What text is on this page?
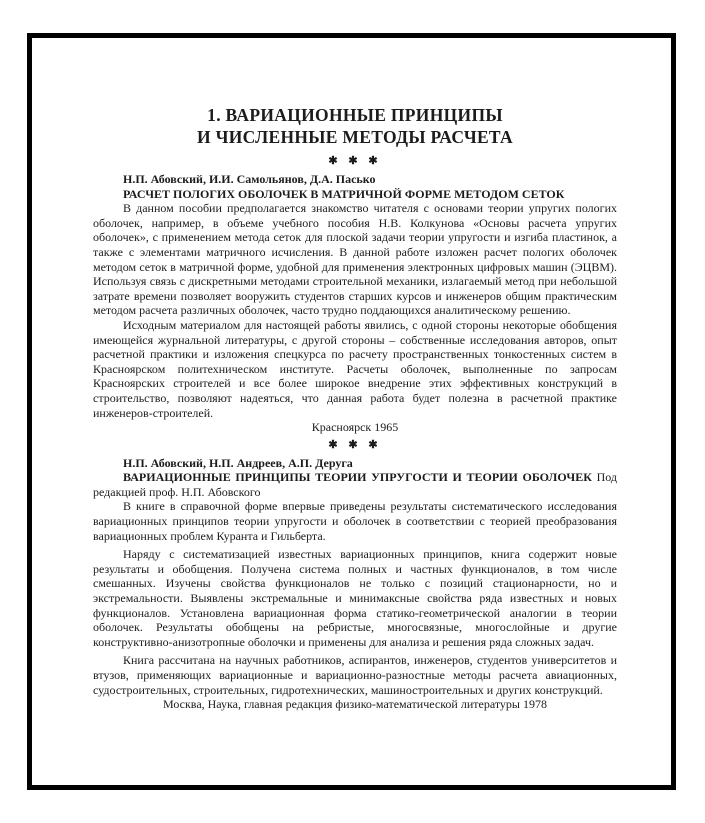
1. ВАРИАЦИОННЫЕ ПРИНЦИПЫ
И ЧИСЛЕННЫЕ МЕТОДЫ РАСЧЕТА
✱ ✱ ✱
Н.П. Абовский, И.И. Самольянов, Д.А. Пасько

РАСЧЕТ ПОЛОГИХ ОБОЛОЧЕК В МАТРИЧНОЙ ФОРМЕ МЕТОДОМ СЕТОК

В данном пособии предполагается знакомство читателя с основами теории упругих пологих оболочек, например, в объеме учебного пособия Н.В. Колкунова «Основы расчета упругих оболочек», с применением метода сеток для плоской задачи теории упругости и изгиба пластинок, а также с элементами матричного исчисления. В данной работе изложен расчет пологих оболочек методом сеток в матричной форме, удобной для применения электронных цифровых машин (ЭЦВМ). Используя связь с дискретными методами строительной механики, излагаемый метод при небольшой затрате времени позволяет вооружить студентов старших курсов и инженеров общим практическим методом расчета различных оболочек, часто трудно поддающихся аналитическому решению.

Исходным материалом для настоящей работы явились, с одной стороны некоторые обобщения имеющейся журнальной литературы, с другой стороны – собственные исследования авторов, опыт расчетной практики и изложения спецкурса по расчету пространственных тонкостенных систем в Красноярском политехническом институте. Расчеты оболочек, выполненные по запросам Красноярских строителей и все более широкое внедрение этих эффективных конструкций в строительство, позволяют надеяться, что данная работа будет полезна в расчетной практике инженеров-строителей.

Красноярск 1965

✱ ✱ ✱
Н.П. Абовский, Н.П. Андреев, А.П. Деруга

ВАРИАЦИОННЫЕ ПРИНЦИПЫ ТЕОРИИ УПРУГОСТИ И ТЕОРИИ ОБОЛОЧЕК Под редакцией проф. Н.П. Абовского

В книге в справочной форме впервые приведены результаты систематического исследования вариационных принципов теории упругости и оболочек в соответствии с теорией преобразования вариационных проблем Куранта и Гильберта.

Наряду с систематизацией известных вариационных принципов, книга содержит новые результаты и обобщения. Получена система полных и частных функционалов, в том числе смешанных. Изучены свойства функционалов не только с позиций стационарности, но и экстремальности. Выявлены экстремальные и минимаксные свойства ряда известных и новых функционалов. Установлена вариационная форма статико-геометрической аналогии в теории оболочек. Результаты обобщены на ребристые, многосвязные, многослойные и другие конструктивно-анизотропные оболочки и применены для анализа и решения ряда сложных задач.

Книга рассчитана на научных работников, аспирантов, инженеров, студентов университетов и втузов, применяющих вариационные и вариационно-разностные методы расчета авиационных, судостроительных, строительных, гидротехнических, машиностроительных и других конструкций.

Москва, Наука, главная редакция физико-математической литературы 1978
